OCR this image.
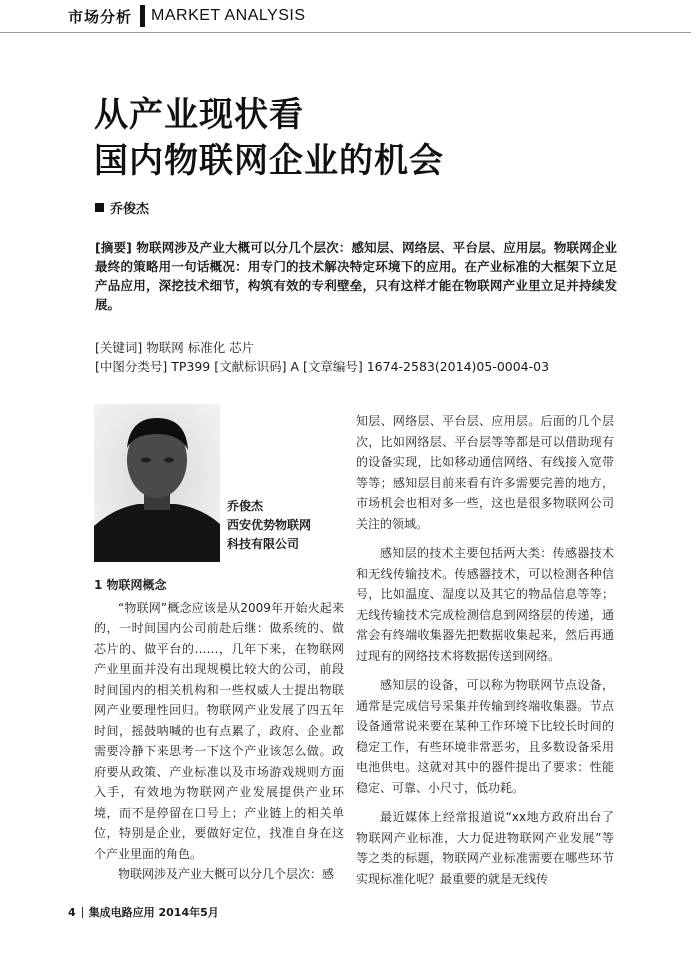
市场分析 MARKET ANALYSIS
从产业现状看
国内物联网企业的机会
乔俊杰

[摘要] 物联网涉及产业大概可以分几个层次：感知层、网络层、平台层、应用层。物联网企业最终的策略用一句话概况：用专门的技术解决特定环境下的应用。在产业标准的大框架下立足产品应用，深挖技术细节，构筑有效的专利壁垒，只有这样才能在物联网产业里立足并持续发展。

[关键词] 物联网 标准化 芯片
[中图分类号] TP399 [文献标识码] A [文章编号] 1674-2583(2014)05-0004-03
乔俊杰
西安优势物联网
科技有限公司

1 物联网概念

“物联网”概念应该是从2009年开始火起来的，一时间国内公司前赴后继：做系统的、做芯片的、做平台的……，几年下来，在物联网产业里面并没有出现规模比较大的公司，前段时间国内的相关机构和一些权威人士提出物联网产业要理性回归。物联网产业发展了四五年时间，摇鼓呐喊的也有点累了，政府、企业都需要冷静下来思考一下这个产业该怎么做。政府要从政策、产业标准以及市场游戏规则方面入手，有效地为物联网产业发展提供产业环境，而不是停留在口号上；产业链上的相关单位，特别是企业，要做好定位，找准自身在这个产业里面的角色。

物联网涉及产业大概可以分几个层次：感

知层、网络层、平台层、应用层。后面的几个层次，比如网络层、平台层等等都是可以借助现有的设备实现，比如移动通信网络、有线接入宽带等等；感知层目前来看有许多需要完善的地方，市场机会也相对多一些，这也是很多物联网公司关注的领域。

感知层的技术主要包括两大类：传感器技术和无线传输技术。传感器技术，可以检测各种信号，比如温度、湿度以及其它的物品信息等等；无线传输技术完成检测信息到网络层的传递，通常会有终端收集器先把数据收集起来，然后再通过现有的网络技术将数据传送到网络。

感知层的设备，可以称为物联网节点设备，通常是完成信号采集并传输到终端收集器。节点设备通常说来要在某种工作环境下比较长时间的稳定工作，有些环境非常恶劣，且多数设备采用电池供电。这就对其中的器件提出了要求：性能稳定、可靠、小尺寸，低功耗。

最近媒体上经常报道说“xx地方政府出台了物联网产业标准，大力促进物联网产业发展”等等之类的标题，物联网产业标准需要在哪些环节实现标准化呢？最重要的就是无线传

4 集成电路应用 2014年5月
